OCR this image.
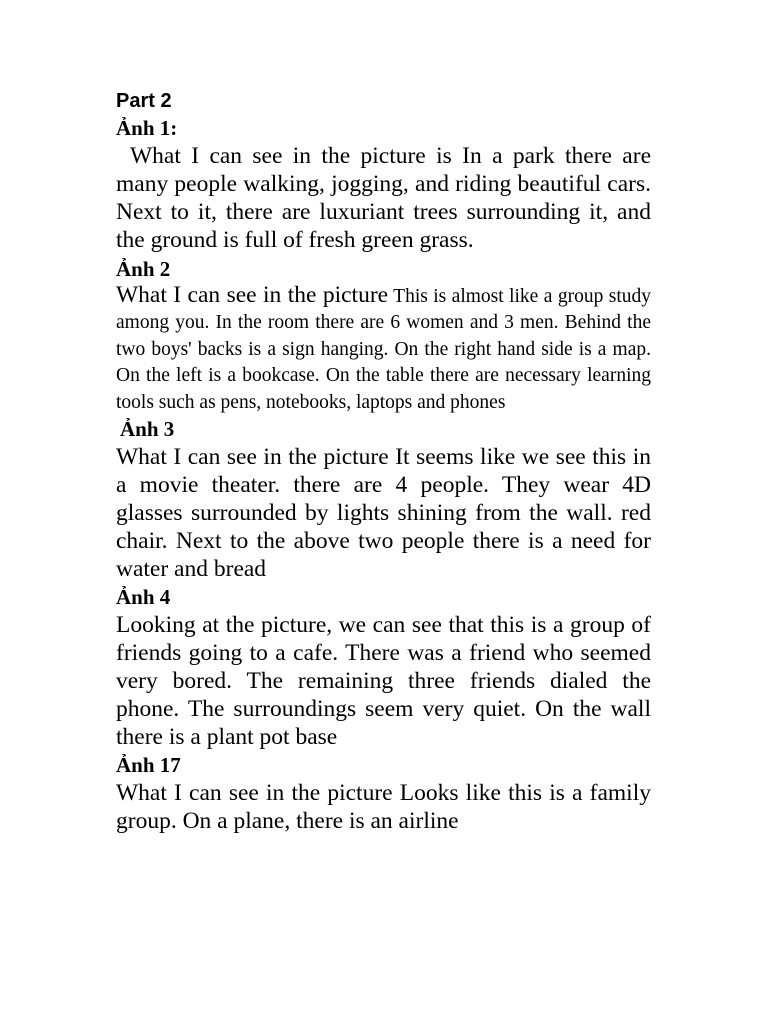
Part 2
Ảnh 1:

What I can see in the picture is In a park there are many people walking, jogging, and riding beautiful cars. Next to it, there are luxuriant trees surrounding it, and the ground is full of fresh green grass.

Ảnh 2

What I can see in the picture This is almost like a group study among you. In the room there are 6 women and 3 men. Behind the two boys' backs is a sign hanging. On the right hand side is a map. On the left is a bookcase. On the table there are necessary learning tools such as pens, notebooks, laptops and phones

Ảnh 3

What I can see in the picture It seems like we see this in a movie theater. there are 4 people. They wear 4D glasses surrounded by lights shining from the wall. red chair. Next to the above two people there is a need for water and bread

Ảnh 4

Looking at the picture, we can see that this is a group of friends going to a cafe. There was a friend who seemed very bored. The remaining three friends dialed the phone. The surroundings seem very quiet. On the wall there is a plant pot base

Ảnh 17

What I can see in the picture Looks like this is a family group. On a plane, there is an airline
